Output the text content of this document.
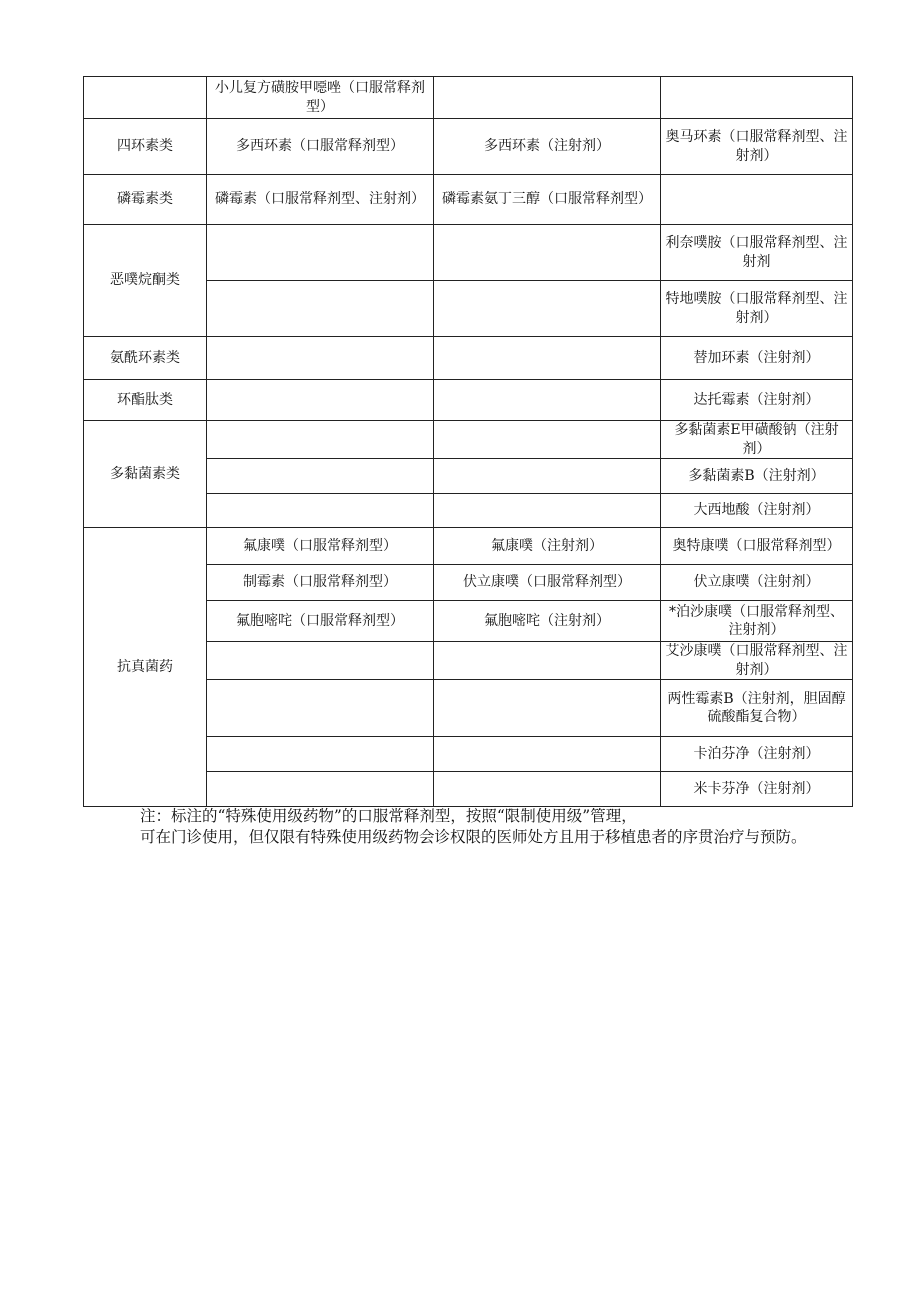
	小儿复方磺胺甲噁唑（口服常释剂型）		
四环素类	多西环素（口服常释剂型）	多西环素（注射剂）	奥马环素（口服常释剂型、注射剂）
磷霉素类	磷霉素（口服常释剂型、注射剂）	磷霉素氨丁三醇（口服常释剂型）	
恶噗烷酮类			利奈噗胺（口服常释剂型、注射剂
			特地噗胺（口服常释剂型、注射剂）
氨酰环素类			替加环素（注射剂）
环酯肽类			达托霉素（注射剂）
多黏菌素类			多黏菌素E甲磺酸钠（注射剂）
			多黏菌素B（注射剂）
			大西地酸（注射剂）
抗真菌药	氟康噗（口服常释剂型）	氟康噗（注射剂）	奥特康噗（口服常释剂型）
	制霉素（口服常释剂型）	伏立康噗（口服常释剂型）	伏立康噗（注射剂）
	氟胞嘧咤（口服常释剂型）	氟胞嘧咤（注射剂）	*泊沙康噗（口服常释剂型、注射剂）
			艾沙康噗（口服常释剂型、注射剂）
			两性霉素B（注射剂，胆固醇硫酸酯复合物）
			卡泊芬净（注射剂）
			米卡芬净（注射剂）

注：标注的“特殊使用级药物”的口服常释剂型，按照“限制使用级”管理，

可在门诊使用，但仅限有特殊使用级药物会诊权限的医师处方且用于移植患者的序贯治疗与预防。
